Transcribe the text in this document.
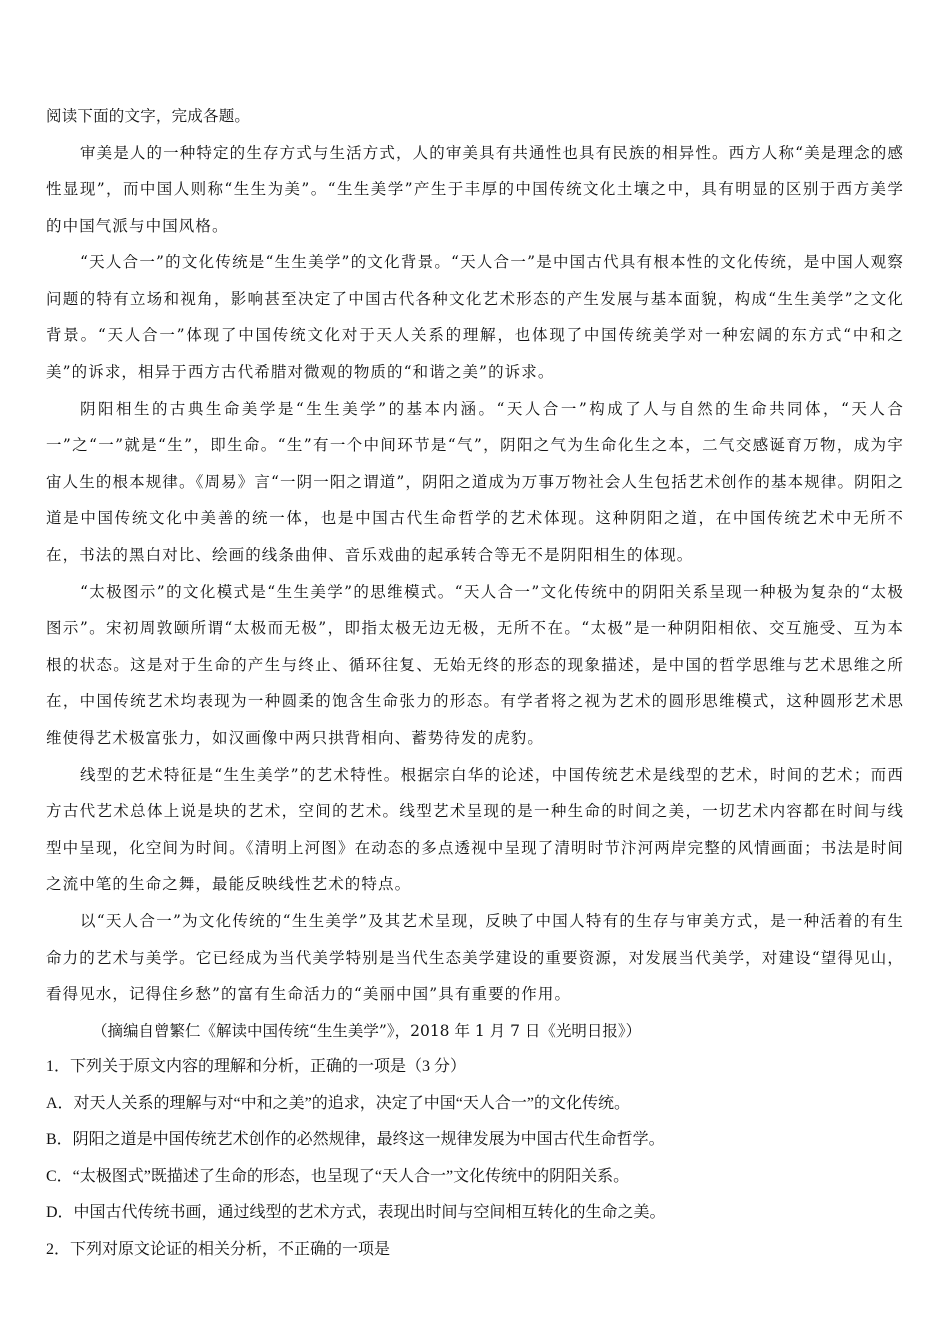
阅读下面的文字，完成各题。

审美是人的一种特定的生存方式与生活方式，人的审美具有共通性也具有民族的相异性。西方人称“美是理念的感性显现”，而中国人则称“生生为美”。“生生美学”产生于丰厚的中国传统文化土壤之中，具有明显的区别于西方美学的中国气派与中国风格。

“天人合一”的文化传统是“生生美学”的文化背景。“天人合一”是中国古代具有根本性的文化传统，是中国人观察问题的特有立场和视角，影响甚至决定了中国古代各种文化艺术形态的产生发展与基本面貌，构成“生生美学”之文化背景。“天人合一”体现了中国传统文化对于天人关系的理解，也体现了中国传统美学对一种宏阔的东方式“中和之美”的诉求，相异于西方古代希腊对微观的物质的“和谐之美”的诉求。

阴阳相生的古典生命美学是“生生美学”的基本内涵。“天人合一”构成了人与自然的生命共同体，“天人合一”之“一”就是“生”，即生命。“生”有一个中间环节是“气”，阴阳之气为生命化生之本，二气交感诞育万物，成为宇宙人生的根本规律。《周易》言“一阴一阳之谓道”，阴阳之道成为万事万物社会人生包括艺术创作的基本规律。阴阳之道是中国传统文化中美善的统一体，也是中国古代生命哲学的艺术体现。这种阴阳之道，在中国传统艺术中无所不在，书法的黑白对比、绘画的线条曲伸、音乐戏曲的起承转合等无不是阴阳相生的体现。

“太极图示”的文化模式是“生生美学”的思维模式。“天人合一”文化传统中的阴阳关系呈现一种极为复杂的“太极图示”。宋初周敦颐所谓“太极而无极”，即指太极无边无极，无所不在。“太极”是一种阴阳相依、交互施受、互为本根的状态。这是对于生命的产生与终止、循环往复、无始无终的形态的现象描述，是中国的哲学思维与艺术思维之所在，中国传统艺术均表现为一种圆柔的饱含生命张力的形态。有学者将之视为艺术的圆形思维模式，这种圆形艺术思维使得艺术极富张力，如汉画像中两只拱背相向、蓄势待发的虎豹。

线型的艺术特征是“生生美学”的艺术特性。根据宗白华的论述，中国传统艺术是线型的艺术，时间的艺术；而西方古代艺术总体上说是块的艺术，空间的艺术。线型艺术呈现的是一种生命的时间之美，一切艺术内容都在时间与线型中呈现，化空间为时间。《清明上河图》在动态的多点透视中呈现了清明时节汴河两岸完整的风情画面；书法是时间之流中笔的生命之舞，最能反映线性艺术的特点。

以“天人合一”为文化传统的“生生美学”及其艺术呈现，反映了中国人特有的生存与审美方式，是一种活着的有生命力的艺术与美学。它已经成为当代美学特别是当代生态美学建设的重要资源，对发展当代美学，对建设“望得见山，看得见水，记得住乡愁”的富有生命活力的“美丽中国”具有重要的作用。

（摘编自曾繁仁《解读中国传统“生生美学”》，2018 年 1 月 7 日《光明日报》）
1．下列关于原文内容的理解和分析，正确的一项是（3 分）
A．对天人关系的理解与对“中和之美”的追求，决定了中国“天人合一”的文化传统。
B．阴阳之道是中国传统艺术创作的必然规律，最终这一规律发展为中国古代生命哲学。
C．“太极图式”既描述了生命的形态，也呈现了“天人合一”文化传统中的阴阳关系。
D．中国古代传统书画，通过线型的艺术方式，表现出时间与空间相互转化的生命之美。
2．下列对原文论证的相关分析，不正确的一项是
